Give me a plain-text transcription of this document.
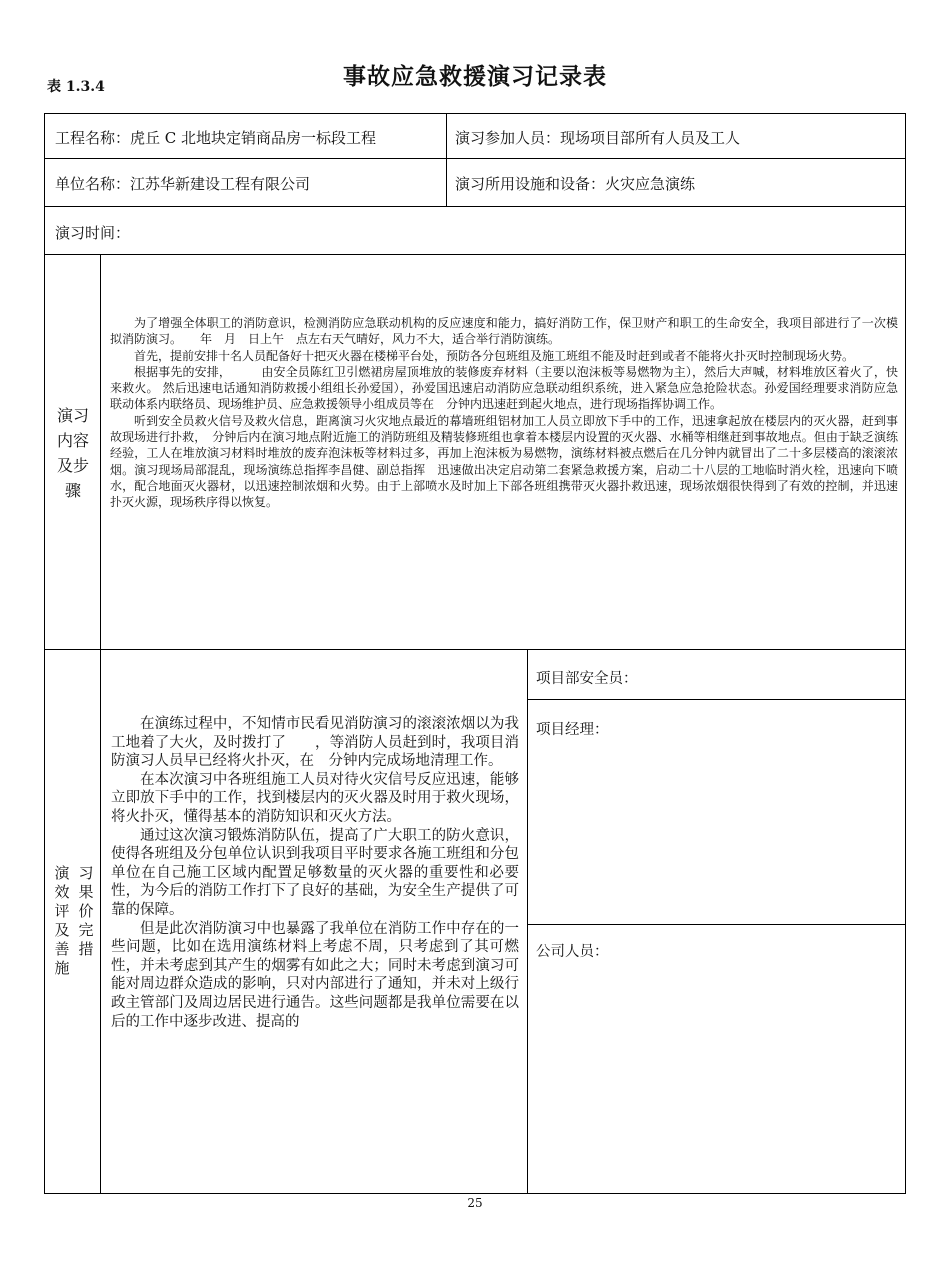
表 1.3.4	事故应急救援演习记录表
工程名称：虎丘 C 北地块定销商品房一标段工程	演习参加人员：现场项目部所有人员及工人
单位名称：江苏华新建设工程有限公司	演习所用设施和设备：火灾应急演练
演习时间：
演习
内容
及步
骤

为了增强全体职工的消防意识，检测消防应急联动机构的反应速度和能力，搞好消防工作，保卫财产和职工的生命安全，我项目部进行了一次模拟消防演习。　　年　月　日上午　点左右天气晴好，风力不大，适合举行消防演练。

首先，提前安排十名人员配备好十把灭火器在楼梯平台处，预防各分包班组及施工班组不能及时赶到或者不能将火扑灭时控制现场火势。

根据事先的安排，　　　由安全员陈红卫引燃裙房屋顶堆放的装修废弃材料（主要以泡沫板等易燃物为主），然后大声喊，材料堆放区着火了，快来救火。 然后迅速电话通知消防救援小组组长孙爱国），孙爱国迅速启动消防应急联动组织系统，进入紧急应急抢险状态。孙爱国经理要求消防应急联动体系内联络员、现场维护员、应急救援领导小组成员等在　分钟内迅速赶到起火地点，进行现场指挥协调工作。

听到安全员救火信号及救火信息，距离演习火灾地点最近的幕墙班组铝材加工人员立即放下手中的工作，迅速拿起放在楼层内的灭火器，赶到事故现场进行扑救，　分钟后内在演习地点附近施工的消防班组及精装修班组也拿着本楼层内设置的灭火器、水桶等相继赶到事故地点。但由于缺乏演练经验，工人在堆放演习材料时堆放的废弃泡沫板等材料过多，再加上泡沫板为易燃物，演练材料被点燃后在几分钟内就冒出了二十多层楼高的滚滚浓烟。演习现场局部混乱，现场演练总指挥李昌健、副总指挥　迅速做出决定启动第二套紧急救援方案，启动二十八层的工地临时消火栓，迅速向下喷水，配合地面灭火器材，以迅速控制浓烟和火势。由于上部喷水及时加上下部各班组携带灭火器扑救迅速，现场浓烟很快得到了有效的控制，并迅速扑灭火源，现场秩序得以恢复。

演
效
评
及
善
施
习
果
价
完
措

在演练过程中，不知情市民看见消防演习的滚滚浓烟以为我工地着了大火，及时拨打了　　，等消防人员赶到时，我项目消防演习人员早已经将火扑灭，在　分钟内完成场地清理工作。

在本次演习中各班组施工人员对待火灾信号反应迅速，能够立即放下手中的工作，找到楼层内的灭火器及时用于救火现场，将火扑灭，懂得基本的消防知识和灭火方法。

通过这次演习锻炼消防队伍，提高了广大职工的防火意识，使得各班组及分包单位认识到我项目平时要求各施工班组和分包单位在自己施工区域内配置足够数量的灭火器的重要性和必要性，为今后的消防工作打下了良好的基础，为安全生产提供了可靠的保障。

但是此次消防演习中也暴露了我单位在消防工作中存在的一些问题，比如在选用演练材料上考虑不周，只考虑到了其可燃性，并未考虑到其产生的烟雾有如此之大；同时未考虑到演习可能对周边群众造成的影响，只对内部进行了通知，并未对上级行政主管部门及周边居民进行通告。这些问题都是我单位需要在以后的工作中逐步改进、提高的

项目部安全员：
项目经理：
公司人员：
25
